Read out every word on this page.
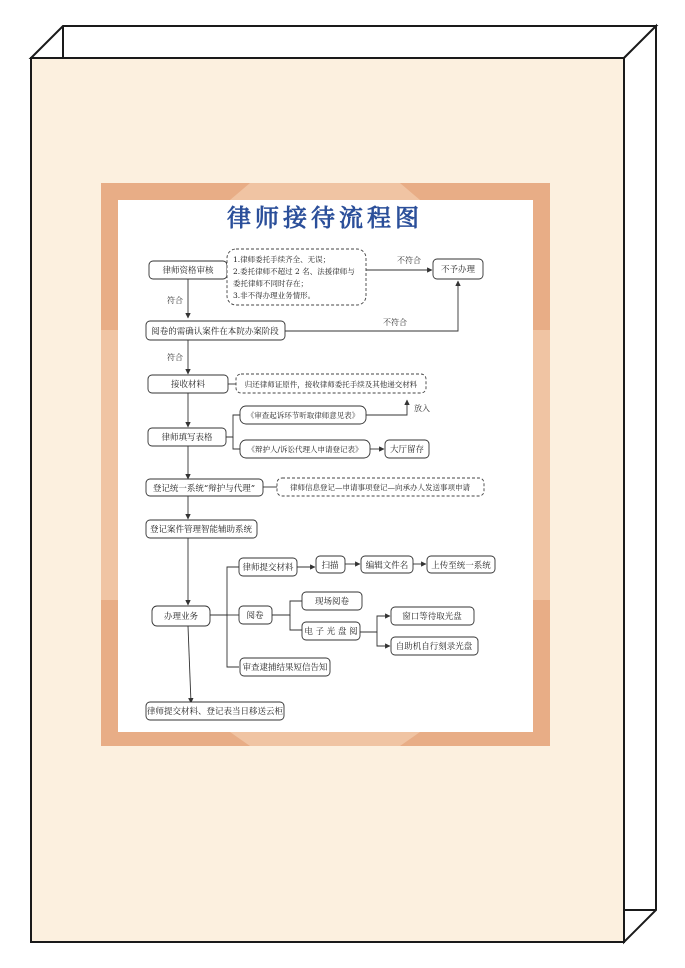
律师接待流程图
不符合
不符合
符合
符合
放入
律师资格审核
1.律师委托手续齐全、无误；
2.委托律师不超过 2 名、法援律师与
委托律师不同时存在；
3.非不得办理业务情形。
不予办理
阅卷的需确认案件在本院办案阶段
接收材料	归还律师证原件，接收律师委托手续及其他递交材料
律师填写表格
《审查起诉环节听取律师意见表》
《辩护人/诉讼代理人申请登记表》	大厅留存
登记统一系统“辩护与代理”	律师信息登记—申请事项登记—向承办人发送事项申请
登记案件管理智能辅助系统
办理业务
律师提交材料	扫描	编辑文件名	上传至统一系统
阅卷
现场阅卷
电 子 光 盘 阅
窗口等待取光盘
自助机自行刻录光盘
审查逮捕结果短信告知
律师提交材料、登记表当日移送云柜
